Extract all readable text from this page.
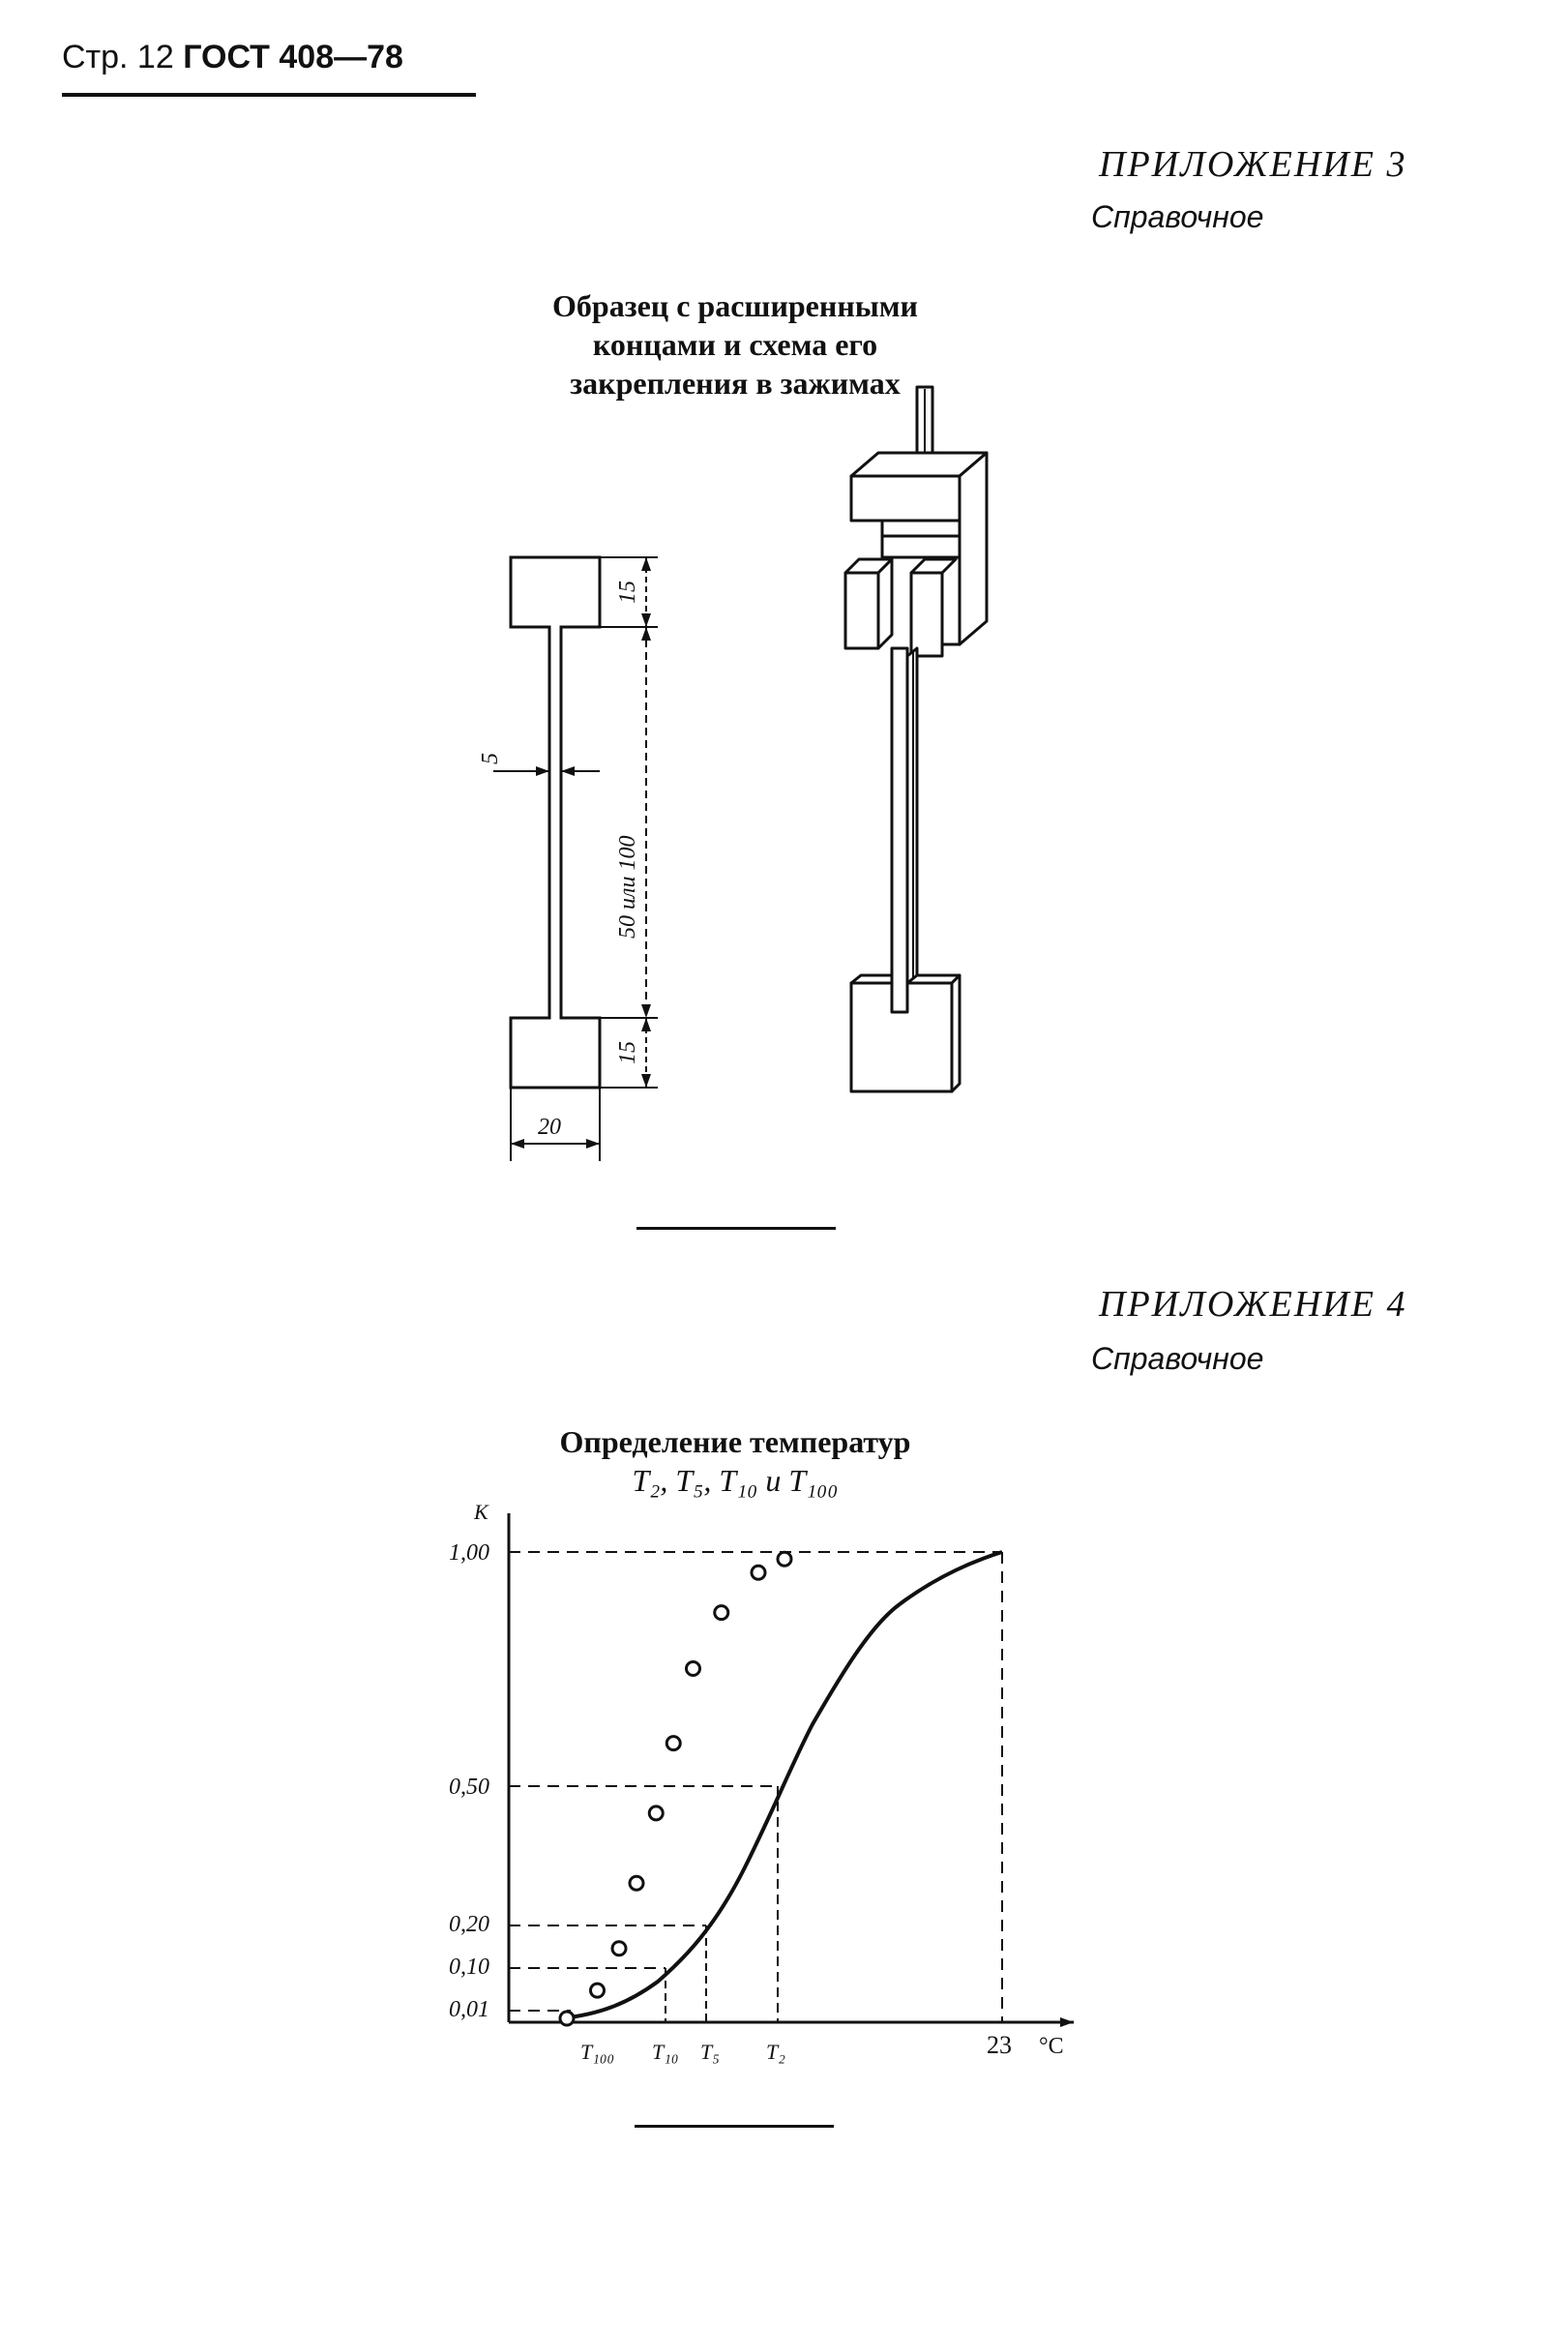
Стр. 12 ГОСТ 408—78
ПРИЛОЖЕНИЕ 3
Справочное
Образец с расширенными
концами и схема его
закрепления в зажимах
15
5
50 или 100
15
20
ПРИЛОЖЕНИЕ 4
Справочное
Определение температур
T₂, T₅, T₁₀ и T₁₀₀
К
1,00
0,50
0,20
0,10
0,01
T₁₀₀ T₁₀ T₅ T₂	23 °С
